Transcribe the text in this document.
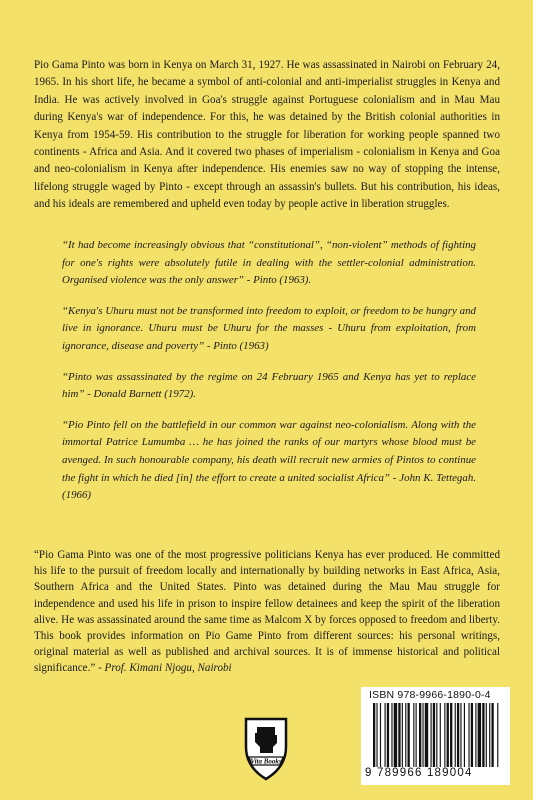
Pio Gama Pinto was born in Kenya on March 31, 1927. He was assassinated in Nairobi on February 24, 1965. In his short life, he became a symbol of anti-colonial and anti-imperialist struggles in Kenya and India. He was actively involved in Goa's struggle against Portuguese colonialism and in Mau Mau during Kenya's war of independence. For this, he was detained by the British colonial authorities in Kenya from 1954-59. His contribution to the struggle for liberation for working people spanned two continents - Africa and Asia. And it covered two phases of imperialism - colonialism in Kenya and Goa and neo-colonialism in Kenya after independence. His enemies saw no way of stopping the intense, lifelong struggle waged by Pinto - except through an assassin's bullets. But his contribution, his ideas, and his ideals are remembered and upheld even today by people active in liberation struggles.

“It had become increasingly obvious that “constitutional”, “non-violent” methods of fighting for one's rights were absolutely futile in dealing with the settler-colonial administration. Organised violence was the only answer” - Pinto (1963).

“Kenya's Uhuru must not be transformed into freedom to exploit, or freedom to be hungry and live in ignorance. Uhuru must be Uhuru for the masses - Uhuru from exploitation, from ignorance, disease and poverty” - Pinto (1963)

“Pinto was assassinated by the regime on 24 February 1965 and Kenya has yet to replace him” - Donald Barnett (1972).

“Pio Pinto fell on the battlefield in our common war against neo-colonialism. Along with the immortal Patrice Lumumba … he has joined the ranks of our martyrs whose blood must be avenged. In such honourable company, his death will recruit new armies of Pintos to continue the fight in which he died [in] the effort to create a united socialist Africa” - John K. Tettegah. (1966)

“Pio Gama Pinto was one of the most progressive politicians Kenya has ever produced. He committed his life to the pursuit of freedom locally and internationally by building networks in East Africa, Asia, Southern Africa and the United States. Pinto was detained during the Mau Mau struggle for independence and used his life in prison to inspire fellow detainees and keep the spirit of the liberation alive. He was assassinated around the same time as Malcom X by forces opposed to freedom and liberty. This book provides information on Pio Game Pinto from different sources: his personal writings, original material as well as published and archival sources. It is of immense historical and political significance.” - Prof. Kimani Njogu, Nairobi

Vita Books
ISBN 978-9966-1890-0-4
9 789966 189004
